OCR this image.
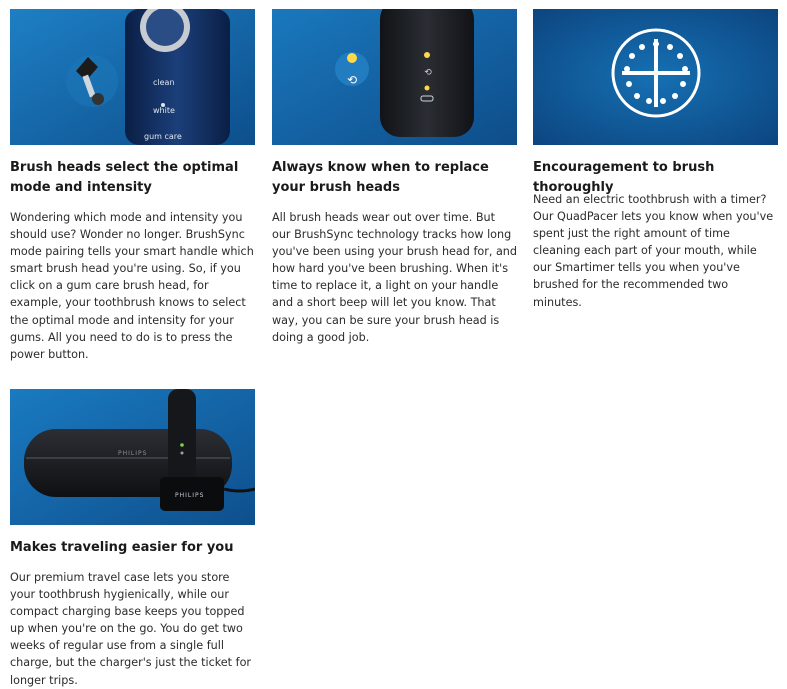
clean
white
gum care
Brush heads select the optimal mode and intensity
Wondering which mode and intensity you should use? Wonder no longer. BrushSync mode pairing tells your smart handle which smart brush head you're using. So, if you click on a gum care brush head, for example, your toothbrush knows to select the optimal mode and intensity for your gums. All you need to do is to press the power button.
⟲
⟲
Always know when to replace your brush heads
All brush heads wear out over time. But our BrushSync technology tracks how long you've been using your brush head for, and how hard you've been brushing. When it's time to replace it, a light on your handle and a short beep will let you know. That way, you can be sure your brush head is doing a good job.
Encouragement to brush thoroughly
Need an electric toothbrush with a timer? Our QuadPacer lets you know when you've spent just the right amount of time cleaning each part of your mouth, while our Smartimer tells you when you've brushed for the recommended two minutes.
PHILIPS
PHILIPS
Makes traveling easier for you
Our premium travel case lets you store your toothbrush hygienically, while our compact charging base keeps you topped up when you're on the go. You do get two weeks of regular use from a single full charge, but the charger's just the ticket for longer trips.
